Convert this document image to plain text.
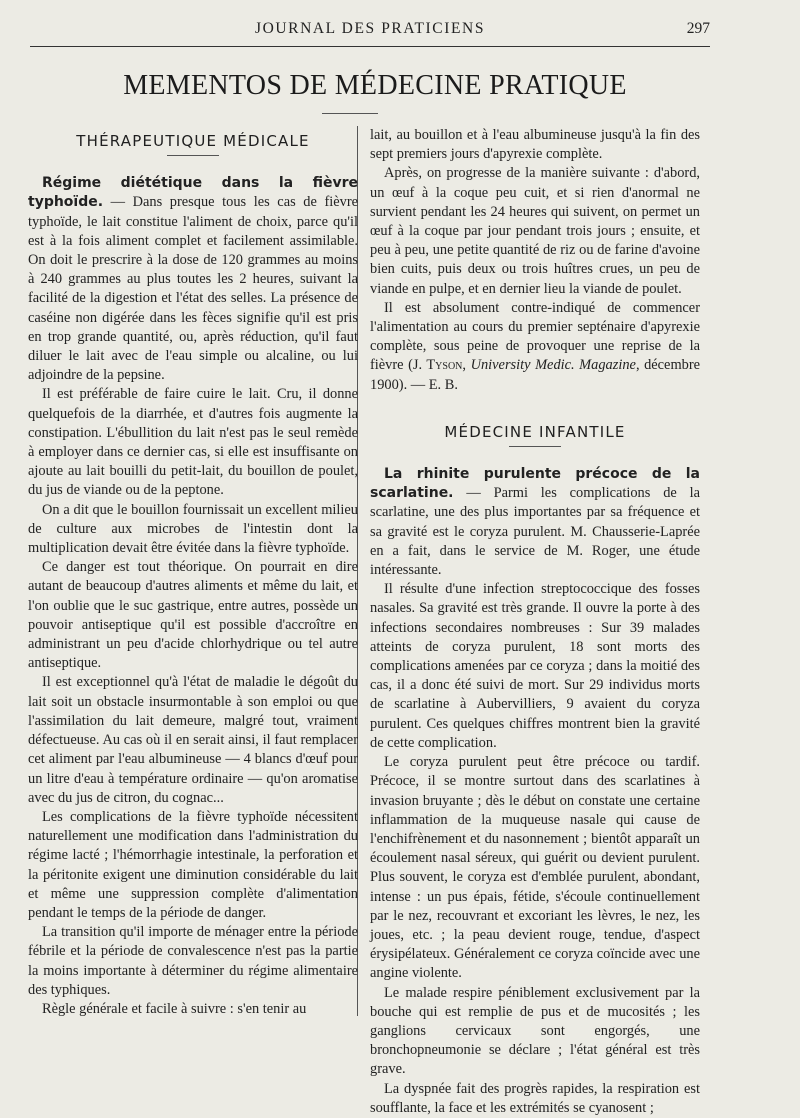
JOURNAL DES PRATICIENS	297
MEMENTOS DE MÉDECINE PRATIQUE
THÉRAPEUTIQUE MÉDICALE

Régime diététique dans la fièvre typhoïde. — Dans presque tous les cas de fièvre typhoïde, le lait constitue l'aliment de choix, parce qu'il est à la fois aliment complet et facilement assimilable. On doit le prescrire à la dose de 120 grammes au moins à 240 grammes au plus toutes les 2 heures, suivant la facilité de la digestion et l'état des selles. La présence de caséine non digérée dans les fèces signifie qu'il est pris en trop grande quantité, ou, après réduction, qu'il faut diluer le lait avec de l'eau simple ou alcaline, ou lui adjoindre de la pepsine.

Il est préférable de faire cuire le lait. Cru, il donne quelquefois de la diarrhée, et d'autres fois augmente la constipation. L'ébullition du lait n'est pas le seul remède à employer dans ce dernier cas, si elle est insuffisante on ajoute au lait bouilli du petit-lait, du bouillon de poulet, du jus de viande ou de la peptone.

On a dit que le bouillon fournissait un excellent milieu de culture aux microbes de l'intestin dont la multiplication devait être évitée dans la fièvre typhoïde.

Ce danger est tout théorique. On pourrait en dire autant de beaucoup d'autres aliments et même du lait, et l'on oublie que le suc gastrique, entre autres, possède un pouvoir antiseptique qu'il est possible d'accroître en administrant un peu d'acide chlorhydrique ou tel autre antiseptique.

Il est exceptionnel qu'à l'état de maladie le dégoût du lait soit un obstacle insurmontable à son emploi ou que l'assimilation du lait demeure, malgré tout, vraiment défectueuse. Au cas où il en serait ainsi, il faut remplacer cet aliment par l'eau albumineuse — 4 blancs d'œuf pour un litre d'eau à température ordinaire — qu'on aromatise avec du jus de citron, du cognac...

Les complications de la fièvre typhoïde nécessitent naturellement une modification dans l'administration du régime lacté ; l'hémorrhagie intestinale, la perforation et la péritonite exigent une diminution considérable du lait et même une suppression complète d'alimentation pendant le temps de la période de danger.

La transition qu'il importe de ménager entre la période fébrile et la période de convalescence n'est pas la partie la moins importante à déterminer du régime alimentaire des typhiques.

Règle générale et facile à suivre : s'en tenir au

lait, au bouillon et à l'eau albumineuse jusqu'à la fin des sept premiers jours d'apyrexie complète.

Après, on progresse de la manière suivante : d'abord, un œuf à la coque peu cuit, et si rien d'anormal ne survient pendant les 24 heures qui suivent, on permet un œuf à la coque par jour pendant trois jours ; ensuite, et peu à peu, une petite quantité de riz ou de farine d'avoine bien cuits, puis deux ou trois huîtres crues, un peu de viande en pulpe, et en dernier lieu la viande de poulet.

Il est absolument contre-indiqué de commencer l'alimentation au cours du premier septénaire d'apyrexie complète, sous peine de provoquer une reprise de la fièvre (J. Tyson, University Medic. Magazine, décembre 1900). — E. B.

MÉDECINE INFANTILE

La rhinite purulente précoce de la scarlatine. — Parmi les complications de la scarlatine, une des plus importantes par sa fréquence et sa gravité est le coryza purulent. M. Chausserie-Laprée en a fait, dans le service de M. Roger, une étude intéressante.

Il résulte d'une infection streptococcique des fosses nasales. Sa gravité est très grande. Il ouvre la porte à des infections secondaires nombreuses : Sur 39 malades atteints de coryza purulent, 18 sont morts des complications amenées par ce coryza ; dans la moitié des cas, il a donc été suivi de mort. Sur 29 individus morts de scarlatine à Aubervilliers, 9 avaient du coryza purulent. Ces quelques chiffres montrent bien la gravité de cette complication.

Le coryza purulent peut être précoce ou tardif. Précoce, il se montre surtout dans des scarlatines à invasion bruyante ; dès le début on constate une certaine inflammation de la muqueuse nasale qui cause de l'enchifrènement et du nasonnement ; bientôt apparaît un écoulement nasal séreux, qui guérit ou devient purulent. Plus souvent, le coryza est d'emblée purulent, abondant, intense : un pus épais, fétide, s'écoule continuellement par le nez, recouvrant et excoriant les lèvres, le nez, les joues, etc. ; la peau devient rouge, tendue, d'aspect érysipélateux. Généralement ce coryza coïncide avec une angine violente.

Le malade respire péniblement exclusivement par la bouche qui est remplie de pus et de mucosités ; les ganglions cervicaux sont engorgés, une bronchopneumonie se déclare ; l'état général est très grave.

La dyspnée fait des progrès rapides, la respiration est soufflante, la face et les extrémités se cyanosent ;
